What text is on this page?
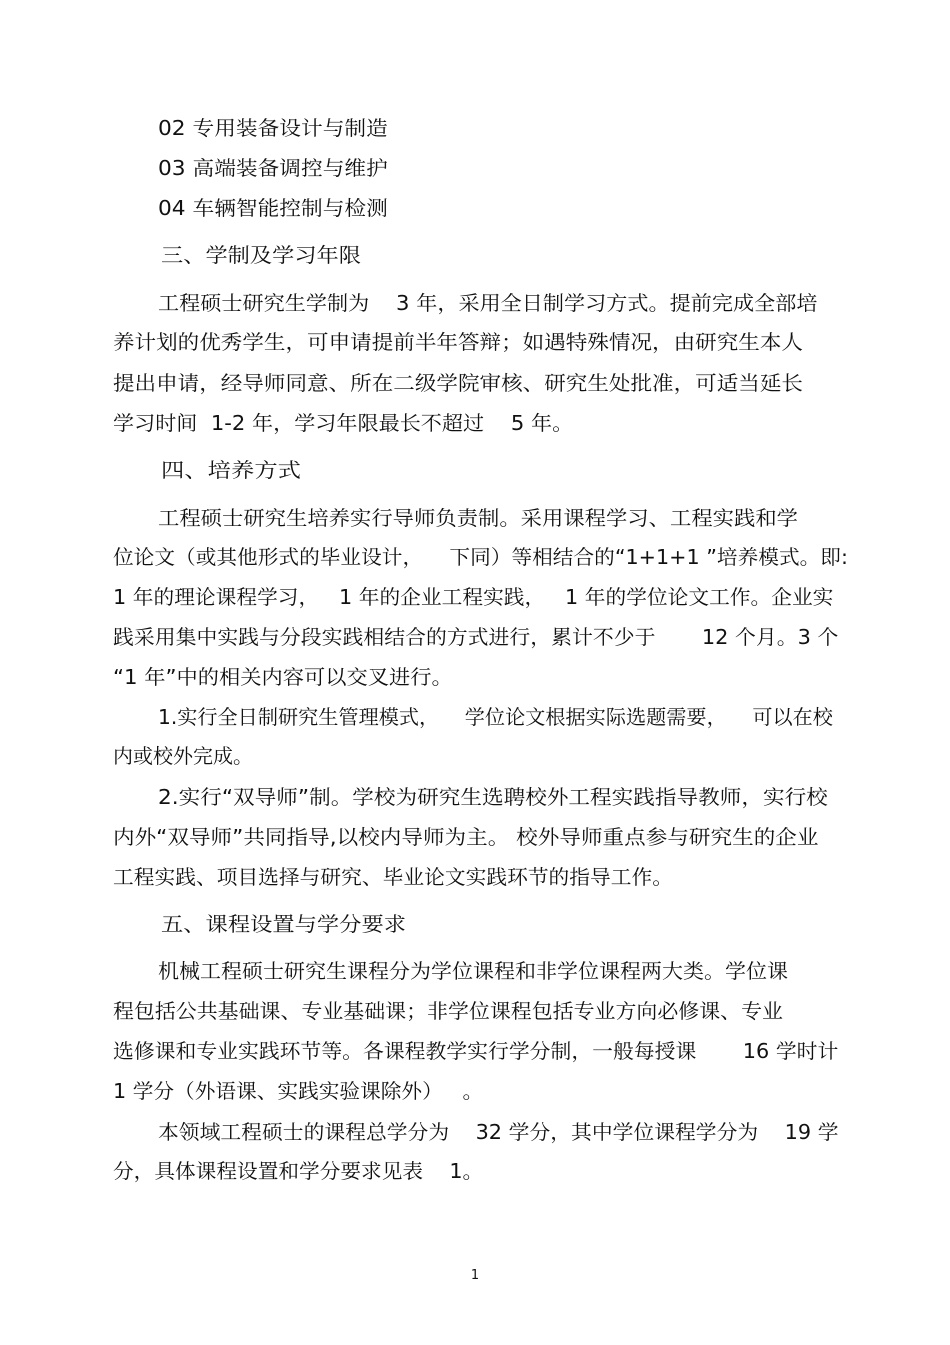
02 专用装备设计与制造
03 高端装备调控与维护
04 车辆智能控制与检测
三、学制及学习年限
工程硕士研究生学制为    3 年，采用全日制学习方式。提前完成全部培
养计划的优秀学生，可申请提前半年答辩；如遇特殊情况，由研究生本人
提出申请，经导师同意、所在二级学院审核、研究生处批准，可适当延长
学习时间  1-2 年，学习年限最长不超过    5 年。
四、培养方式
工程硕士研究生培养实行导师负责制。采用课程学习、工程实践和学
位论文（或其他形式的毕业设计，    下同）等相结合的“1+1+1 ”培养模式。即:
1 年的理论课程学习，   1 年的企业工程实践，   1 年的学位论文工作。企业实
践采用集中实践与分段实践相结合的方式进行，累计不少于       12 个月。3 个
“1 年”中的相关内容可以交叉进行。
1.实行全日制研究生管理模式，    学位论文根据实际选题需要，    可以在校
内或校外完成。
2.实行“双导师”制。学校为研究生选聘校外工程实践指导教师，实行校
内外“双导师”共同指导,以校内导师为主。 校外导师重点参与研究生的企业
工程实践、项目选择与研究、毕业论文实践环节的指导工作。
五、课程设置与学分要求
机械工程硕士研究生课程分为学位课程和非学位课程两大类。学位课
程包括公共基础课、专业基础课；非学位课程包括专业方向必修课、专业
选修课和专业实践环节等。各课程教学实行学分制，一般每授课       16 学时计
1 学分（外语课、实践实验课除外）   。
本领域工程硕士的课程总学分为    32 学分，其中学位课程学分为    19 学
分，具体课程设置和学分要求见表    1。
1
